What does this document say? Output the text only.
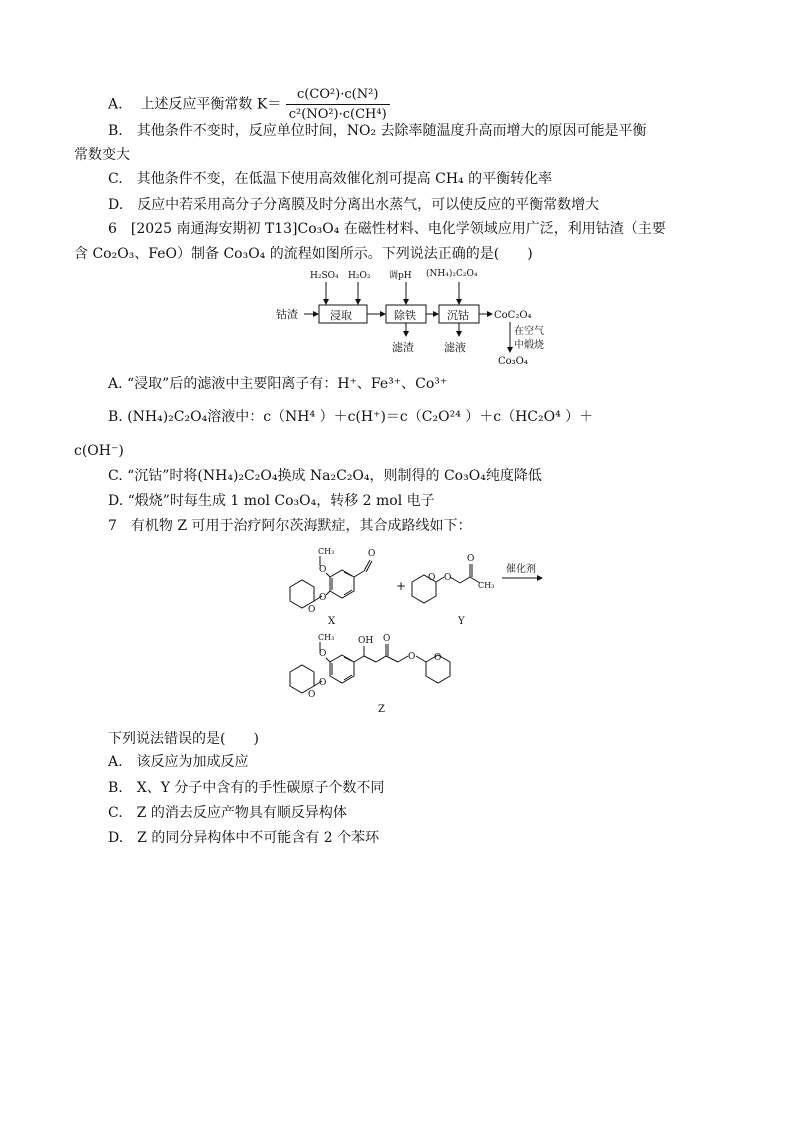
A. 上述反应平衡常数 $K= \frac{\text{c(CO²)·c(N²)}}{\text{c²(NO²)·c(CH⁴)}}$
B.　其他条件不变时，反应单位时间，NO₂ 去除率随温度升高而增大的原因可能是平衡
常数变大
C.　其他条件不变，在低温下使用高效催化剂可提高 CH₄ 的平衡转化率
D.　反应中若采用高分子分离膜及时分离出水蒸气，可以使反应的平衡常数增大
6　[2025 南通海安期初 T13]Co₃O₄ 在磁性材料、电化学领域应用广泛，利用钴渣（主要
含 Co₂O₃、FeO）制备 Co₃O₄ 的流程如图所示。下列说法正确的是(　　)
钴渣	浸取	除铁	沉钴	CoC₂O₄
H₂SO₄ H₂O₂ 调pH (NH₄)₂C₂O₄
滤渣	滤液
在空气
中煅烧
Co₃O₄
A. “浸取”后的滤液中主要阳离子有：H⁺、Fe³⁺、Co³⁺
B. (NH₄)₂C₂O₄溶液中：c（NH⁴ ）＋c(H⁺)＝c（C₂O²⁴ ）＋c（HC₂O⁴ ）＋
c(OH⁻)
C. “沉钴”时将(NH₄)₂C₂O₄换成 Na₂C₂O₄，则制得的 Co₃O₄纯度降低
D. “煅烧”时每生成 1 mol Co₃O₄，转移 2 mol 电子
7　有机物 Z 可用于治疗阿尔茨海默症，其合成路线如下：
O
O
O
O
CH₃
X
+
O O
O
CH₃
Y
催化剂
O
O
O
CH₃	OH O
O O
Z
下列说法错误的是(　　)
A.　该反应为加成反应
B.　X、Y 分子中含有的手性碳原子个数不同
C.　Z 的消去反应产物具有顺反异构体
D.　Z 的同分异构体中不可能含有 2 个苯环
